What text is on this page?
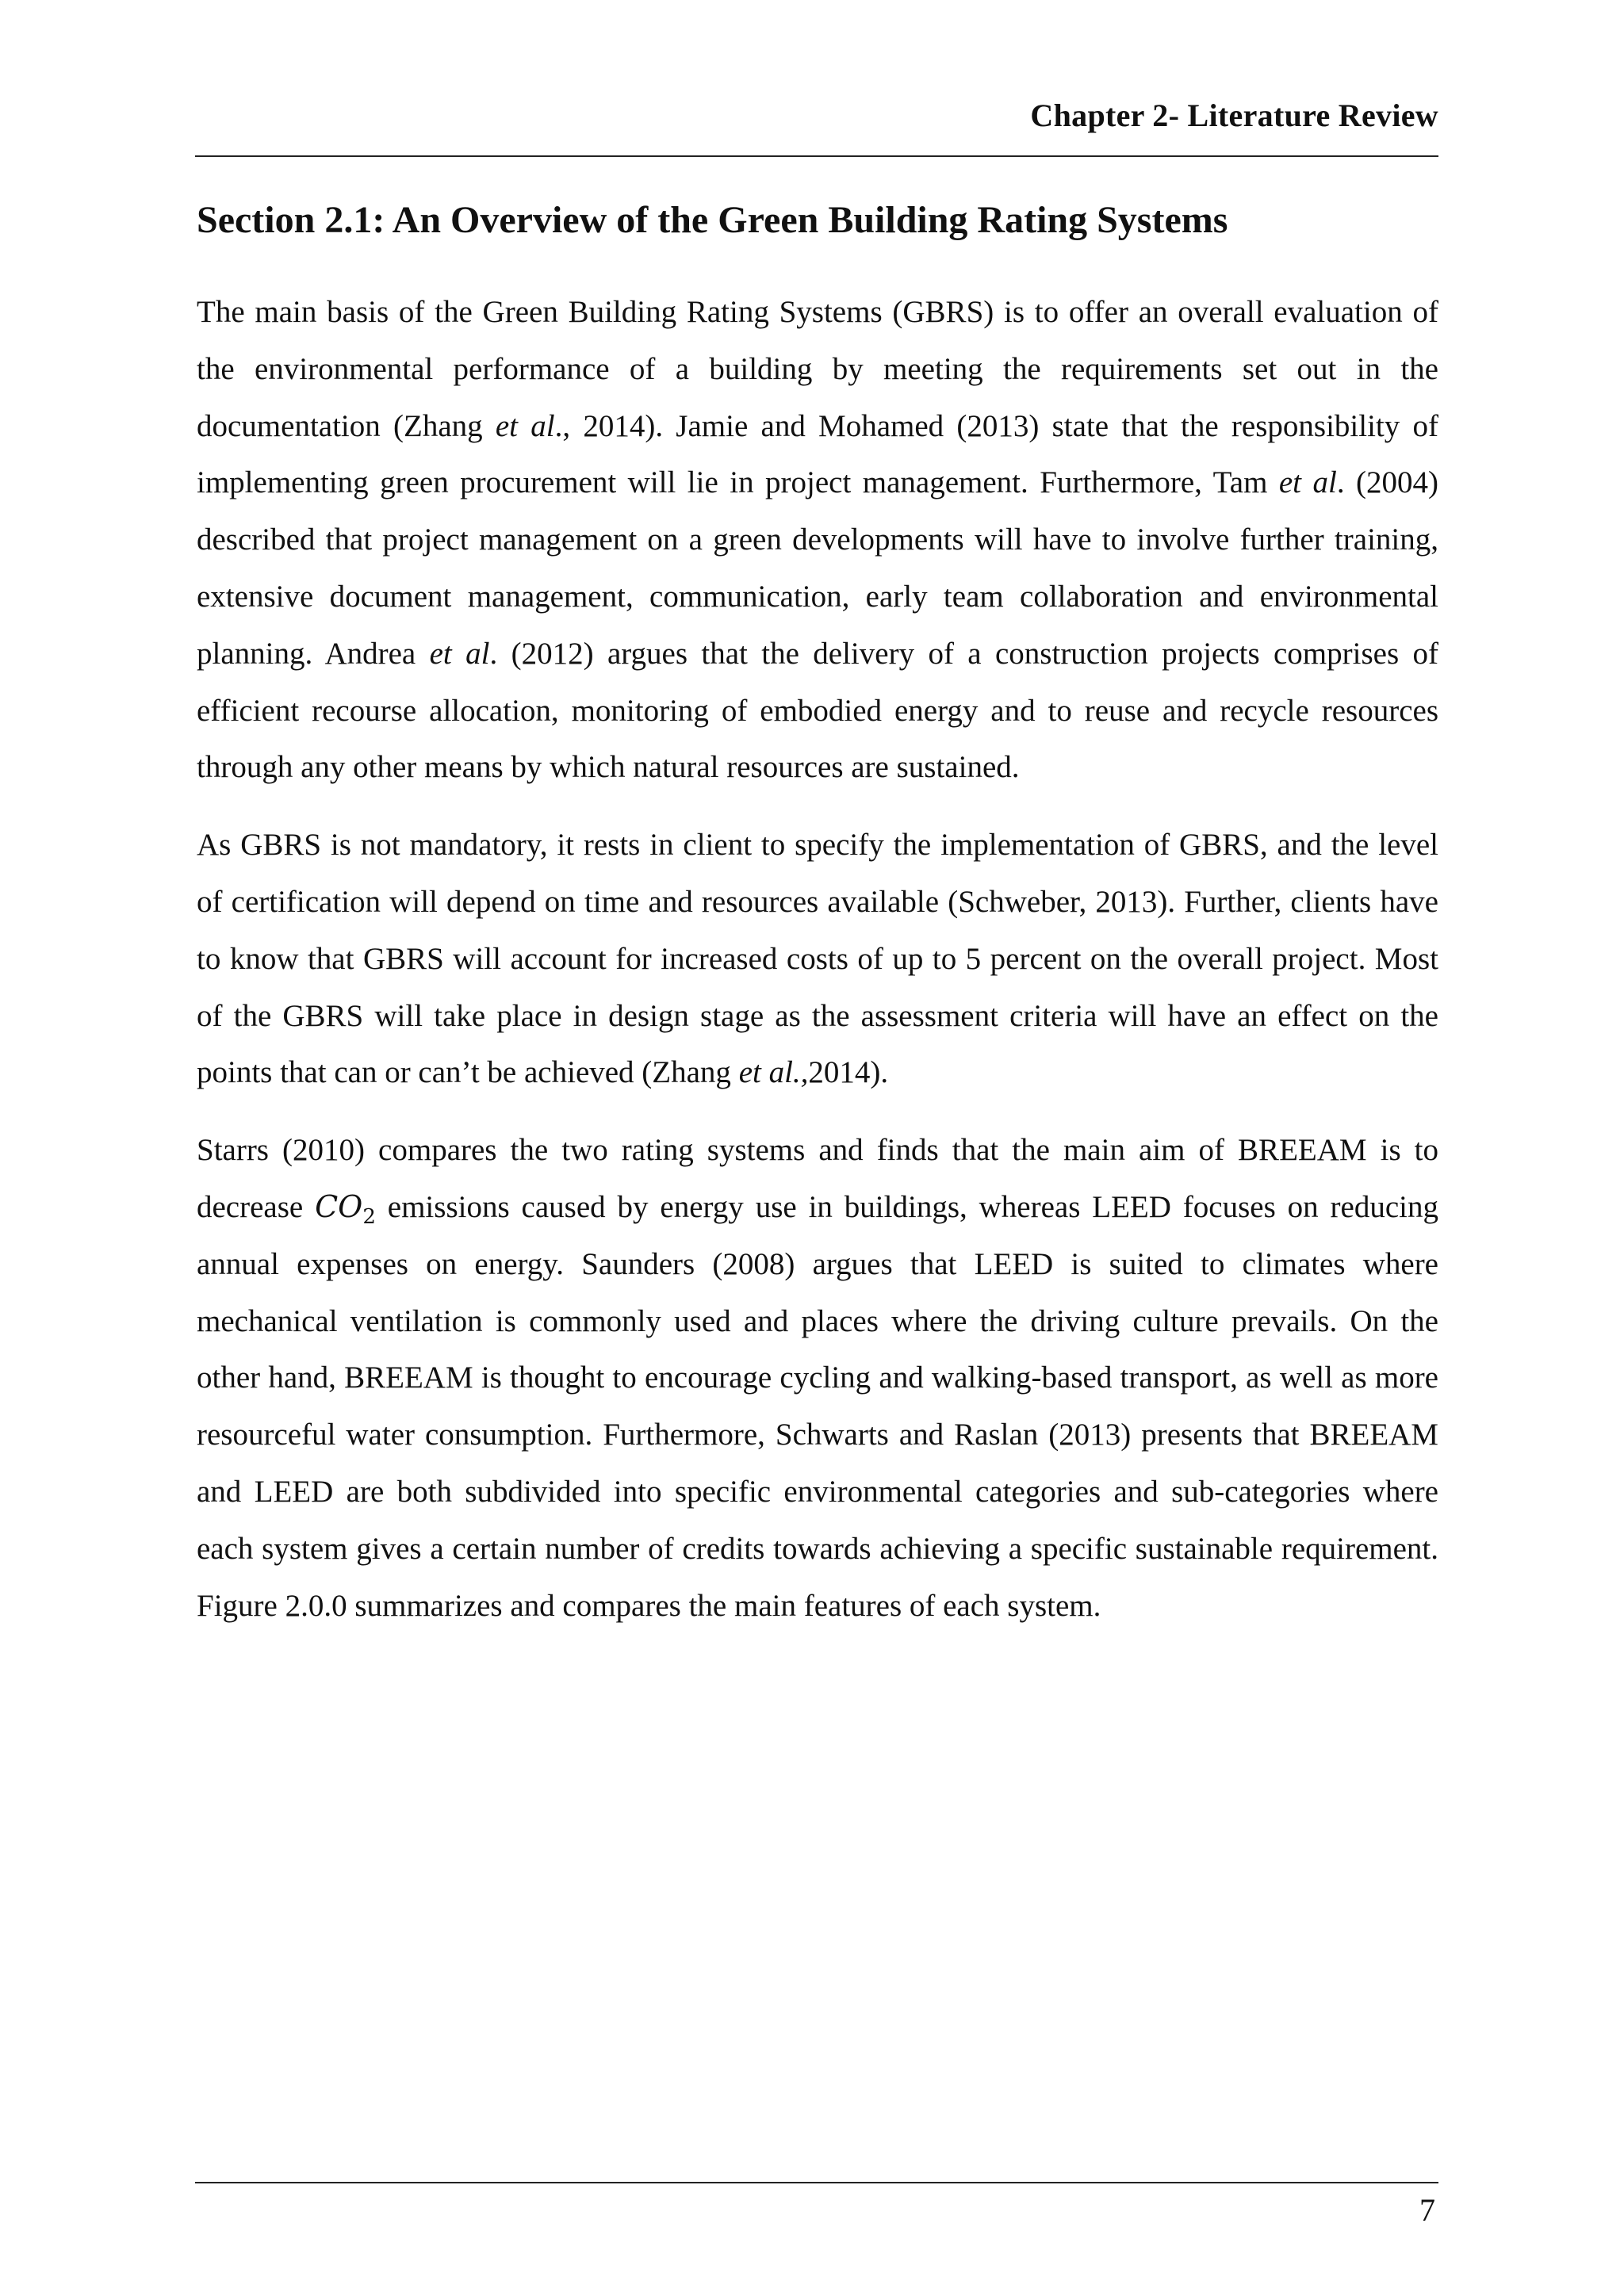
Chapter 2- Literature Review
Section 2.1: An Overview of the Green Building Rating Systems

The main basis of the Green Building Rating Systems (GBRS) is to offer an overall evaluation of the environmental performance of a building by meeting the requirements set out in the documentation (Zhang et al., 2014). Jamie and Mohamed (2013) state that the responsibility of implementing green procurement will lie in project management. Furthermore, Tam et al. (2004) described that project management on a green developments will have to involve further training, extensive document management, communication, early team collaboration and environmental planning. Andrea et al. (2012) argues that the delivery of a construction projects comprises of efficient recourse allocation, monitoring of embodied energy and to reuse and recycle resources through any other means by which natural resources are sustained.

As GBRS is not mandatory, it rests in client to specify the implementation of GBRS, and the level of certification will depend on time and resources available (Schweber, 2013). Further, clients have to know that GBRS will account for increased costs of up to 5 percent on the overall project. Most of the GBRS will take place in design stage as the assessment criteria will have an effect on the points that can or can’t be achieved (Zhang et al.,2014).

Starrs (2010) compares the two rating systems and finds that the main aim of BREEAM is to decrease $CO_2$ emissions caused by energy use in buildings, whereas LEED focuses on reducing annual expenses on energy. Saunders (2008) argues that LEED is suited to climates where mechanical ventilation is commonly used and places where the driving culture prevails. On the other hand, BREEAM is thought to encourage cycling and walking-based transport, as well as more resourceful water consumption. Furthermore, Schwarts and Raslan (2013) presents that BREEAM and LEED are both subdivided into specific environmental categories and sub-categories where each system gives a certain number of credits towards achieving a specific sustainable requirement. Figure 2.0.0 summarizes and compares the main features of each system.

7
